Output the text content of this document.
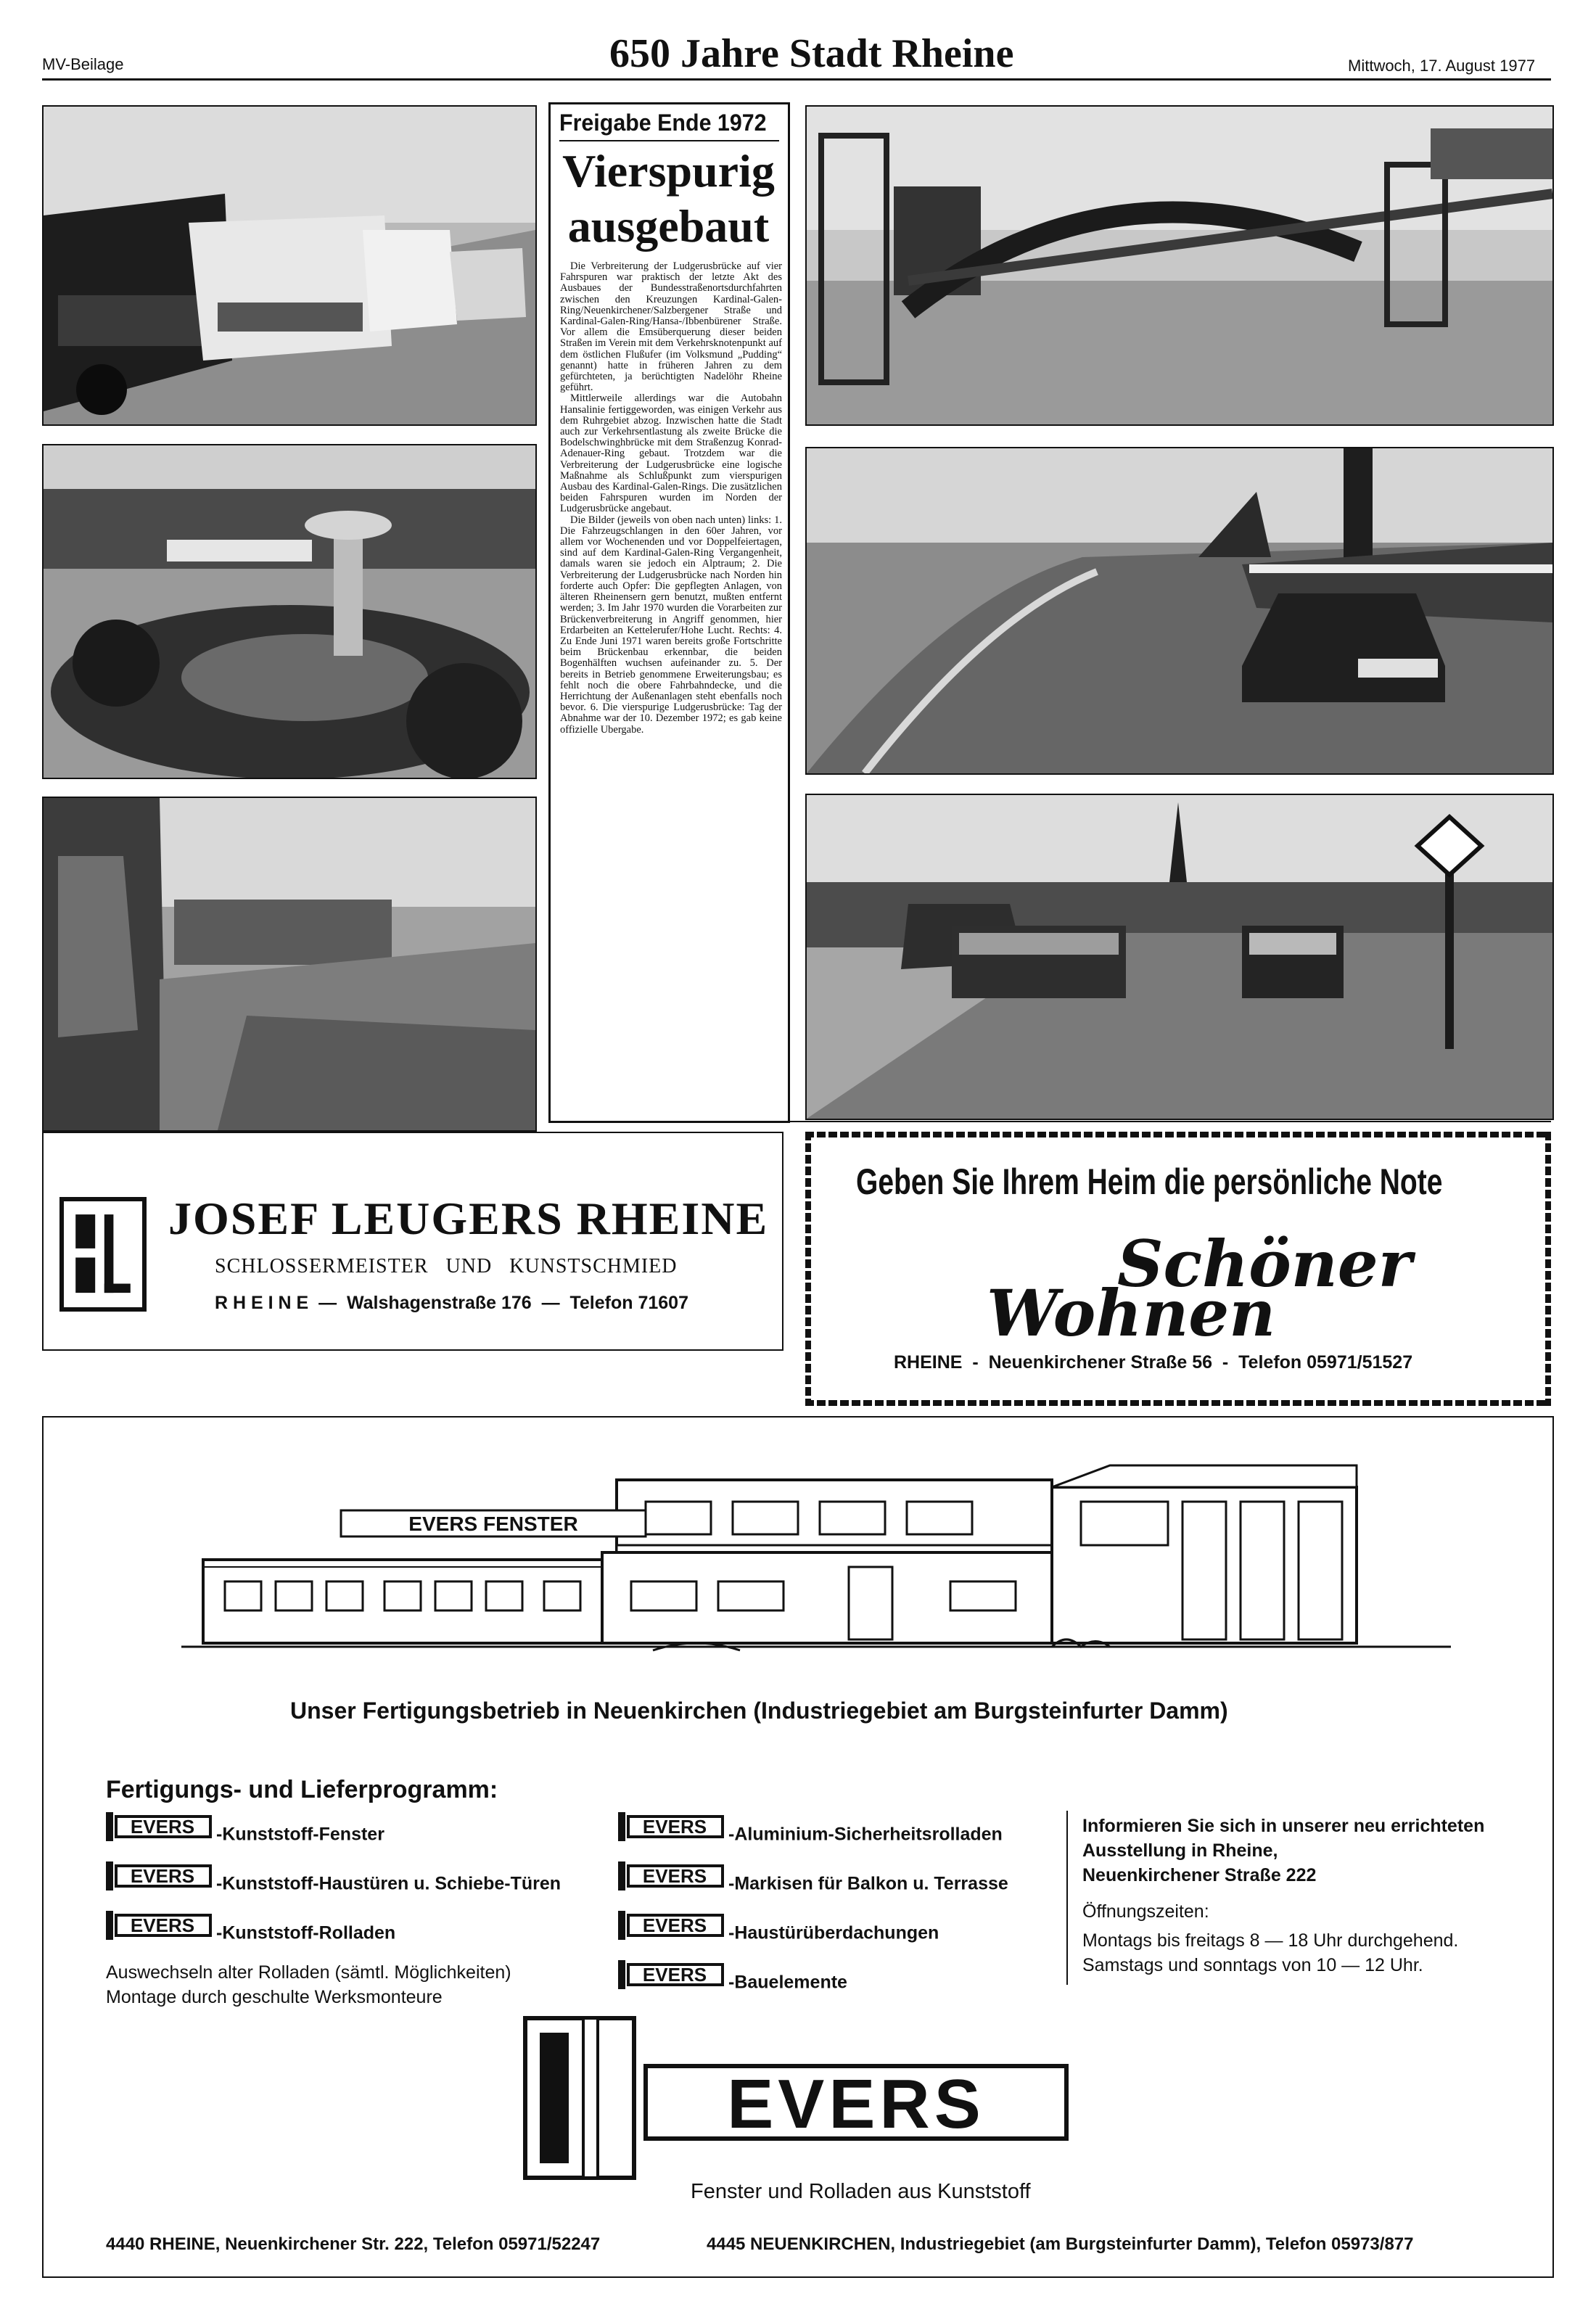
MV-Beilage	650 Jahre Stadt Rheine	Mittwoch, 17. August 1977
Freigabe Ende 1972
Vierspurig
ausgebaut

Die Verbreiterung der Ludgerusbrücke auf vier Fahrspuren war praktisch der letzte Akt des Ausbaues der Bundesstraßenortsdurchfahrten zwischen den Kreuzungen Kardinal-Galen-Ring/Neuenkirchener/Salzbergener Straße und Kardinal-Galen-Ring/Hansa-/Ibbenbürener Straße. Vor allem die Emsüberquerung dieser beiden Straßen im Verein mit dem Verkehrsknotenpunkt auf dem östlichen Flußufer (im Volksmund „Pudding“ genannt) hatte in früheren Jahren zu dem gefürchteten, ja berüchtigten Nadelöhr Rheine geführt.

Mittlerweile allerdings war die Autobahn Hansalinie fertiggeworden, was einigen Verkehr aus dem Ruhrgebiet abzog. Inzwischen hatte die Stadt auch zur Verkehrsentlastung als zweite Brücke die Bodelschwinghbrücke mit dem Straßenzug Konrad-Adenauer-Ring gebaut. Trotzdem war die Verbreiterung der Ludgerusbrücke eine logische Maßnahme als Schlußpunkt zum vierspurigen Ausbau des Kardinal-Galen-Rings. Die zusätzlichen beiden Fahrspuren wurden im Norden der Ludgerusbrücke angebaut.

Die Bilder (jeweils von oben nach unten) links: 1. Die Fahrzeugschlangen in den 60er Jahren, vor allem vor Wochenenden und vor Doppelfeiertagen, sind auf dem Kardinal-Galen-Ring Vergangenheit, damals waren sie jedoch ein Alptraum; 2. Die Verbreiterung der Ludgerusbrücke nach Norden hin forderte auch Opfer: Die gepflegten Anlagen, von älteren Rheinensern gern benutzt, mußten entfernt werden; 3. Im Jahr 1970 wurden die Vorarbeiten zur Brückenverbreiterung in Angriff genommen, hier Erdarbeiten an Kettelerufer/Hohe Lucht. Rechts: 4. Zu Ende Juni 1971 waren bereits große Fortschritte beim Brückenbau erkennbar, die beiden Bogenhälften wuchsen aufeinander zu. 5. Der bereits in Betrieb genommene Erweiterungsbau; es fehlt noch die obere Fahrbahndecke, und die Herrichtung der Außenanlagen steht ebenfalls noch bevor. 6. Die vierspurige Ludgerusbrücke: Tag der Abnahme war der 10. Dezember 1972; es gab keine offizielle Ubergabe.

JOSEF LEUGERS RHEINE
SCHLOSSERMEISTER   UND   KUNSTSCHMIED
R H E I N E  —  Walshagenstraße 176  —  Telefon 71607
Geben Sie Ihrem Heim die persönliche Note
Schöner
Wohnen
RHEINE  -  Neuenkirchener Straße 56  -  Telefon 05971/51527
EVERS FENSTER
Unser Fertigungsbetrieb in Neuenkirchen (Industriegebiet am Burgsteinfurter Damm)
Fertigungs- und Lieferprogramm:
EVERS -Kunststoff-Fenster
EVERS -Kunststoff-Haustüren u. Schiebe-Türen
EVERS -Kunststoff-Rolladen
Auswechseln alter Rolladen (sämtl. Möglichkeiten)
Montage durch geschulte Werksmonteure
EVERS -Aluminium-Sicherheitsrolladen
EVERS -Markisen für Balkon u. Terrasse
EVERS -Haustürüberdachungen
EVERS -Bauelemente
Informieren Sie sich in unserer neu errichteten
Ausstellung in Rheine,
Neuenkirchener Straße 222
Öffnungszeiten:
Montags bis freitags 8 — 18 Uhr durchgehend.
Samstags und sonntags von 10 — 12 Uhr.
EVERS
Fenster und Rolladen aus Kunststoff
4440 RHEINE, Neuenkirchener Str. 222, Telefon 05971/52247	4445 NEUENKIRCHEN, Industriegebiet (am Burgsteinfurter Damm), Telefon 05973/877
